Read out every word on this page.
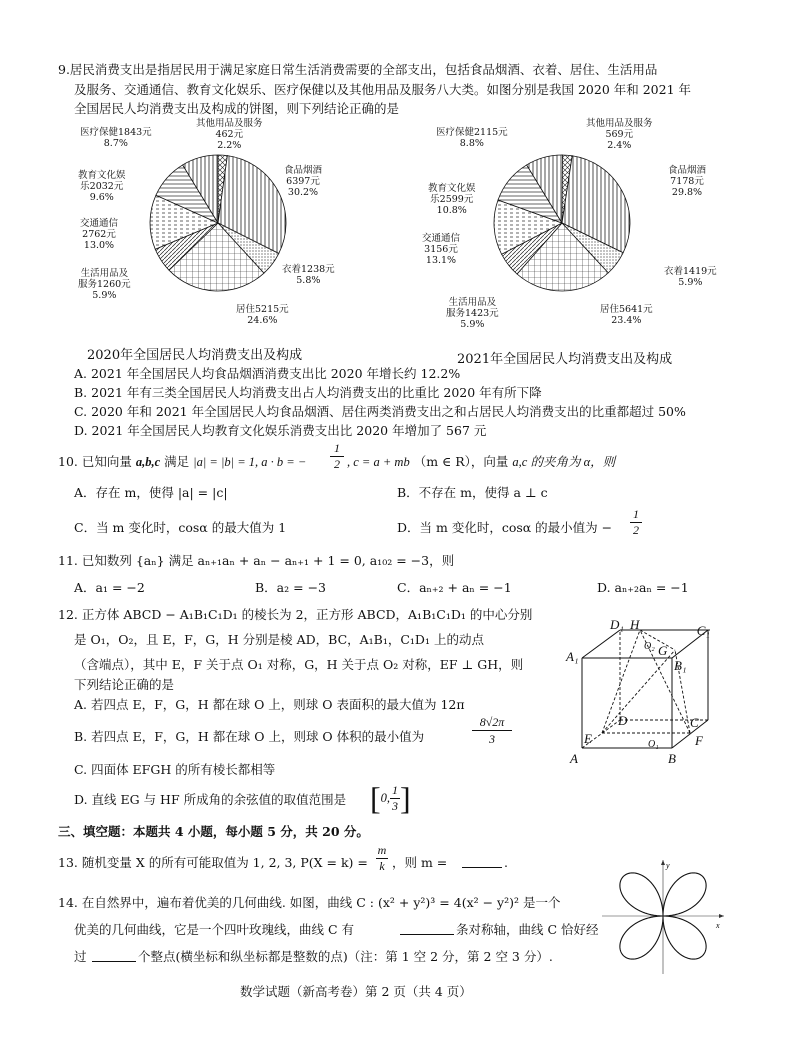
9.居民消费支出是指居民用于满足家庭日常生活消费需要的全部支出，包括食品烟酒、衣着、居住、生活用品
及服务、交通通信、教育文化娱乐、医疗保健以及其他用品及服务八大类。如图分别是我国 2020 年和 2021 年
全国居民人均消费支出及构成的饼图，则下列结论正确的是
其他用品及服务
462元
2.2%
医疗保健1843元
8.7%
教育文化娱
乐2032元
9.6%
交通通信
2762元
13.0%
生活用品及
服务1260元
5.9%
食品烟酒
6397元
30.2%
衣着1238元
5.8%
居住5215元
24.6%
2020年全国居民人均消费支出及构成
其他用品及服务
569元
2.4%
医疗保健2115元
8.8%
教育文化娱
乐2599元
10.8%
交通通信
3156元
13.1%
生活用品及
服务1423元
5.9%
食品烟酒
7178元
29.8%
衣着1419元
5.9%
居住5641元
23.4%
2021年全国居民人均消费支出及构成
A. 2021 年全国居民人均食品烟酒消费支出比 2020 年增长约 12.2%
B. 2021 年有三类全国居民人均消费支出占人均消费支出的比重比 2020 年有所下降
C. 2020 年和 2021 年全国居民人均食品烟酒、居住两类消费支出之和占居民人均消费支出的比重都超过 50%
D. 2021 年全国居民人均教育文化娱乐消费支出比 2020 年增加了 567 元
10. 已知向量 a,b,c 满足 |a| = |b| = 1, a · b = −
1
2 , c = a + mb （m ∈ R），向量 a,c 的夹角为 α，则
A．存在 m，使得 |a| = |c|	B．不存在 m，使得 a ⊥ c
C．当 m 变化时，cosα 的最大值为 1	D．当 m 变化时，cosα 的最小值为 −
1
2
11. 已知数列 {aₙ} 满足 aₙ₊₁aₙ + aₙ − aₙ₊₁ + 1 = 0, a₁₀₂ = −3，则
A．a₁ = −2	B．a₂ = −3	C．aₙ₊₂ + aₙ = −1	D. aₙ₊₂aₙ = −1
12. 正方体 ABCD − A₁B₁C₁D₁ 的棱长为 2，正方形 ABCD，A₁B₁C₁D₁ 的中心分别
是 O₁，O₂，且 E，F，G，H 分别是棱 AD，BC，A₁B₁，C₁D₁ 上的动点
（含端点），其中 E，F 关于点 O₁ 对称，G，H 关于点 O₂ 对称，EF ⊥ GH，则
下列结论正确的是
A. 若四点 E，F，G，H 都在球 O 上，则球 O 表面积的最大值为 12π
B. 若四点 E，F，G，H 都在球 O 上，则球 O 体积的最小值为
8√2π
3
C. 四面体 EFGH 的所有棱长都相等
D. 直线 EG 与 HF 所成角的余弦值的取值范围是 [ 0,
1
3 ]
D₁ H	C₁
O₂ G
A₁
B₁
D	C
E	F
O₁
A	B
三、填空题：本题共 4 小题，每小题 5 分，共 20 分。
13. 随机变量 X 的所有可能取值为 1, 2, 3, P(X = k) =
m
k ，则 m =	.
14. 在自然界中，遍布着优美的几何曲线. 如图，曲线 C : (x² + y²)³ = 4(x² − y²)² 是一个
优美的几何曲线，它是一个四叶玫瑰线，曲线 C 有	条对称轴，曲线 C 恰好经
过	个整点(横坐标和纵坐标都是整数的点)（注：第 1 空 2 分，第 2 空 3 分）.
y
x
数学试题（新高考卷）第 2 页（共 4 页）
